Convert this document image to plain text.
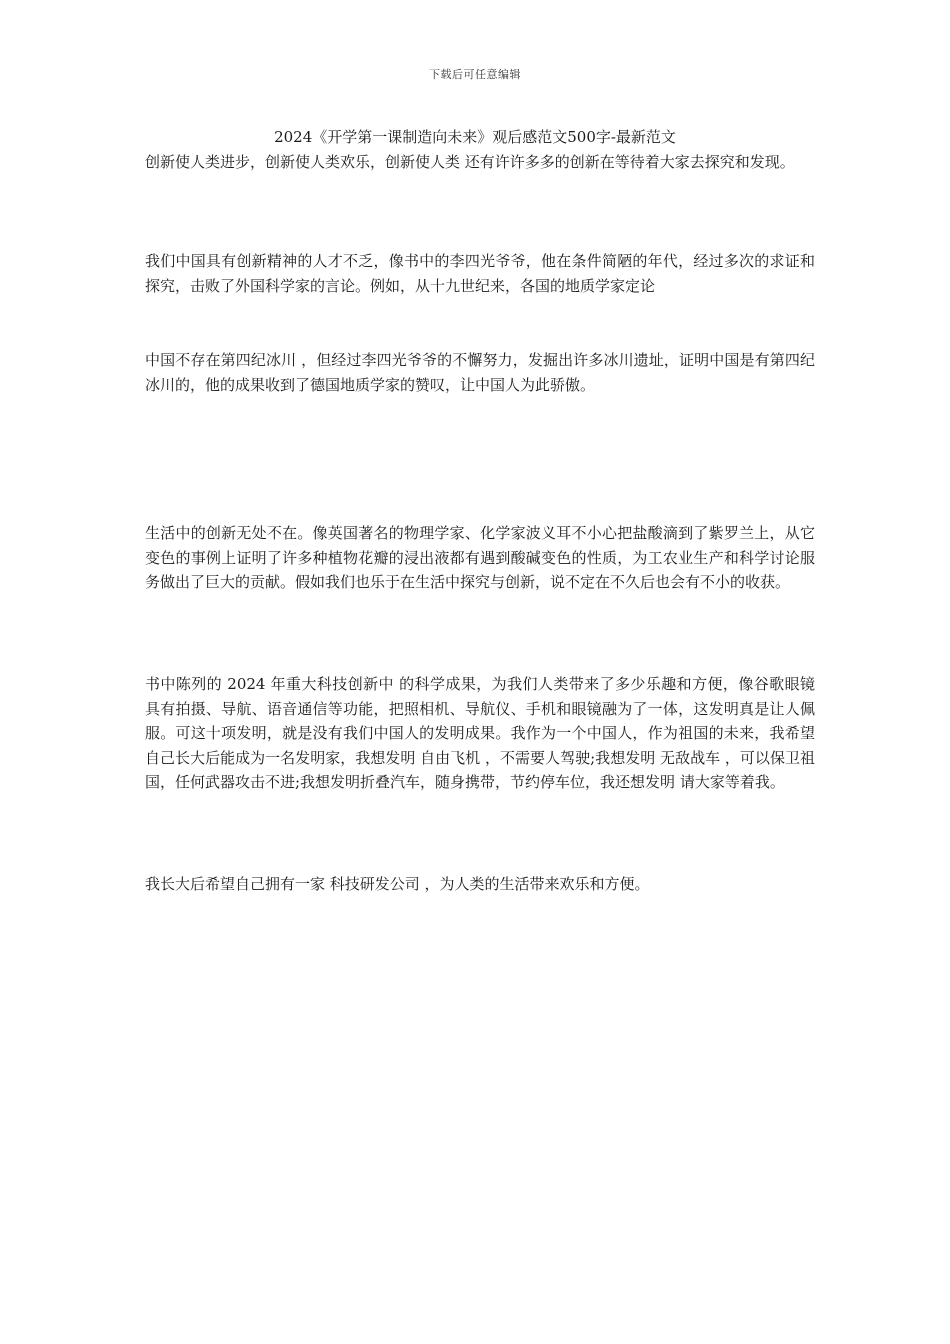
下载后可任意编辑
2024《开学第一课制造向未来》观后感范文500字-最新范文

创新使人类进步，创新使人类欢乐，创新使人类 还有许许多多的创新在等待着大家去探究和发现。

我们中国具有创新精神的人才不乏，像书中的李四光爷爷，他在条件简陋的年代，经过多次的求证和探究，击败了外国科学家的言论。例如，从十九世纪来，各国的地质学家定论

中国不存在第四纪冰川 ，但经过李四光爷爷的不懈努力，发掘出许多冰川遗址，证明中国是有第四纪冰川的，他的成果收到了德国地质学家的赞叹，让中国人为此骄傲。

生活中的创新无处不在。像英国著名的物理学家、化学家波义耳不小心把盐酸滴到了紫罗兰上，从它变色的事例上证明了许多种植物花瓣的浸出液都有遇到酸碱变色的性质，为工农业生产和科学讨论服务做出了巨大的贡献。假如我们也乐于在生活中探究与创新，说不定在不久后也会有不小的收获。

书中陈列的 2024 年重大科技创新中 的科学成果，为我们人类带来了多少乐趣和方便，像谷歌眼镜 具有拍摄、导航、语音通信等功能，把照相机、导航仪、手机和眼镜融为了一体，这发明真是让人佩服。可这十项发明，就是没有我们中国人的发明成果。我作为一个中国人，作为祖国的未来，我希望自己长大后能成为一名发明家，我想发明 自由飞机 ，不需要人驾驶;我想发明 无敌战车 ，可以保卫祖国，任何武器攻击不进;我想发明折叠汽车，随身携带，节约停车位，我还想发明 请大家等着我。

我长大后希望自己拥有一家 科技研发公司 ，为人类的生活带来欢乐和方便。
